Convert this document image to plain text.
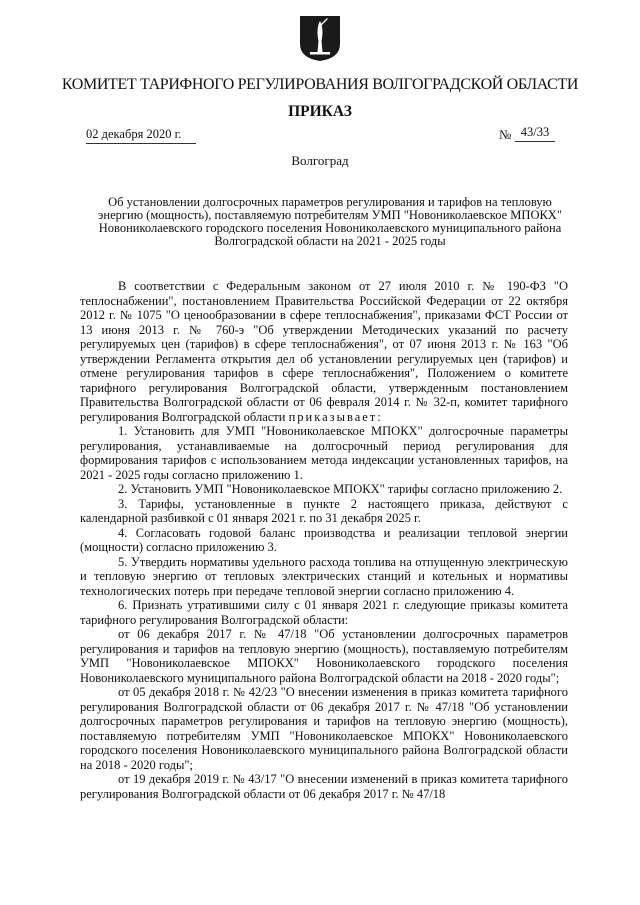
КОМИТЕТ ТАРИФНОГО РЕГУЛИРОВАНИЯ ВОЛГОГРАДСКОЙ ОБЛАСТИ
ПРИКАЗ
02 декабря 2020 г.	№ 43/33
Волгоград
Об установлении долгосрочных параметров регулирования и тарифов на тепловую энергию (мощность), поставляемую потребителям УМП "Новониколаевское МПОКХ" Новониколаевского городского поселения Новониколаевского муниципального района Волгоградской области на 2021 - 2025 годы

В соответствии с Федеральным законом от 27 июля 2010 г. № 190-ФЗ "О теплоснабжении", постановлением Правительства Российской Федерации от 22 октября 2012 г. № 1075 "О ценообразовании в сфере теплоснабжения", приказами ФСТ России от 13 июня 2013 г. № 760-э "Об утверждении Методических указаний по расчету регулируемых цен (тарифов) в сфере теплоснабжения", от 07 июня 2013 г. № 163 "Об утверждении Регламента открытия дел об установлении регулируемых цен (тарифов) и отмене регулирования тарифов в сфере теплоснабжения", Положением о комитете тарифного регулирования Волгоградской области, утвержденным постановлением Правительства Волгоградской области от 06 февраля 2014 г. № 32-п, комитет тарифного регулирования Волгоградской области приказывает:

1. Установить для УМП "Новониколаевское МПОКХ" долгосрочные параметры регулирования, устанавливаемые на долгосрочный период регулирования для формирования тарифов с использованием метода индексации установленных тарифов, на 2021 - 2025 годы согласно приложению 1.

2. Установить УМП "Новониколаевское МПОКХ" тарифы согласно приложению 2.

3. Тарифы, установленные в пункте 2 настоящего приказа, действуют с календарной разбивкой с 01 января 2021 г. по 31 декабря 2025 г.

4. Согласовать годовой баланс производства и реализации тепловой энергии (мощности) согласно приложению 3.

5. Утвердить нормативы удельного расхода топлива на отпущенную электрическую и тепловую энергию от тепловых электрических станций и котельных и нормативы технологических потерь при передаче тепловой энергии согласно приложению 4.

6. Признать утратившими силу с 01 января 2021 г. следующие приказы комитета тарифного регулирования Волгоградской области:

от 06 декабря 2017 г. № 47/18 "Об установлении долгосрочных параметров регулирования и тарифов на тепловую энергию (мощность), поставляемую потребителям УМП "Новониколаевское МПОКХ" Новониколаевского городского поселения Новониколаевского муниципального района Волгоградской области на 2018 - 2020 годы";

от 05 декабря 2018 г. № 42/23 "О внесении изменения в приказ комитета тарифного регулирования Волгоградской области от 06 декабря 2017 г. № 47/18 "Об установлении долгосрочных параметров регулирования и тарифов на тепловую энергию (мощность), поставляемую потребителям УМП "Новониколаевское МПОКХ" Новониколаевского городского поселения Новониколаевского муниципального района Волгоградской области на 2018 - 2020 годы";

от 19 декабря 2019 г. № 43/17 "О внесении изменений в приказ комитета тарифного регулирования Волгоградской области от 06 декабря 2017 г. № 47/18
